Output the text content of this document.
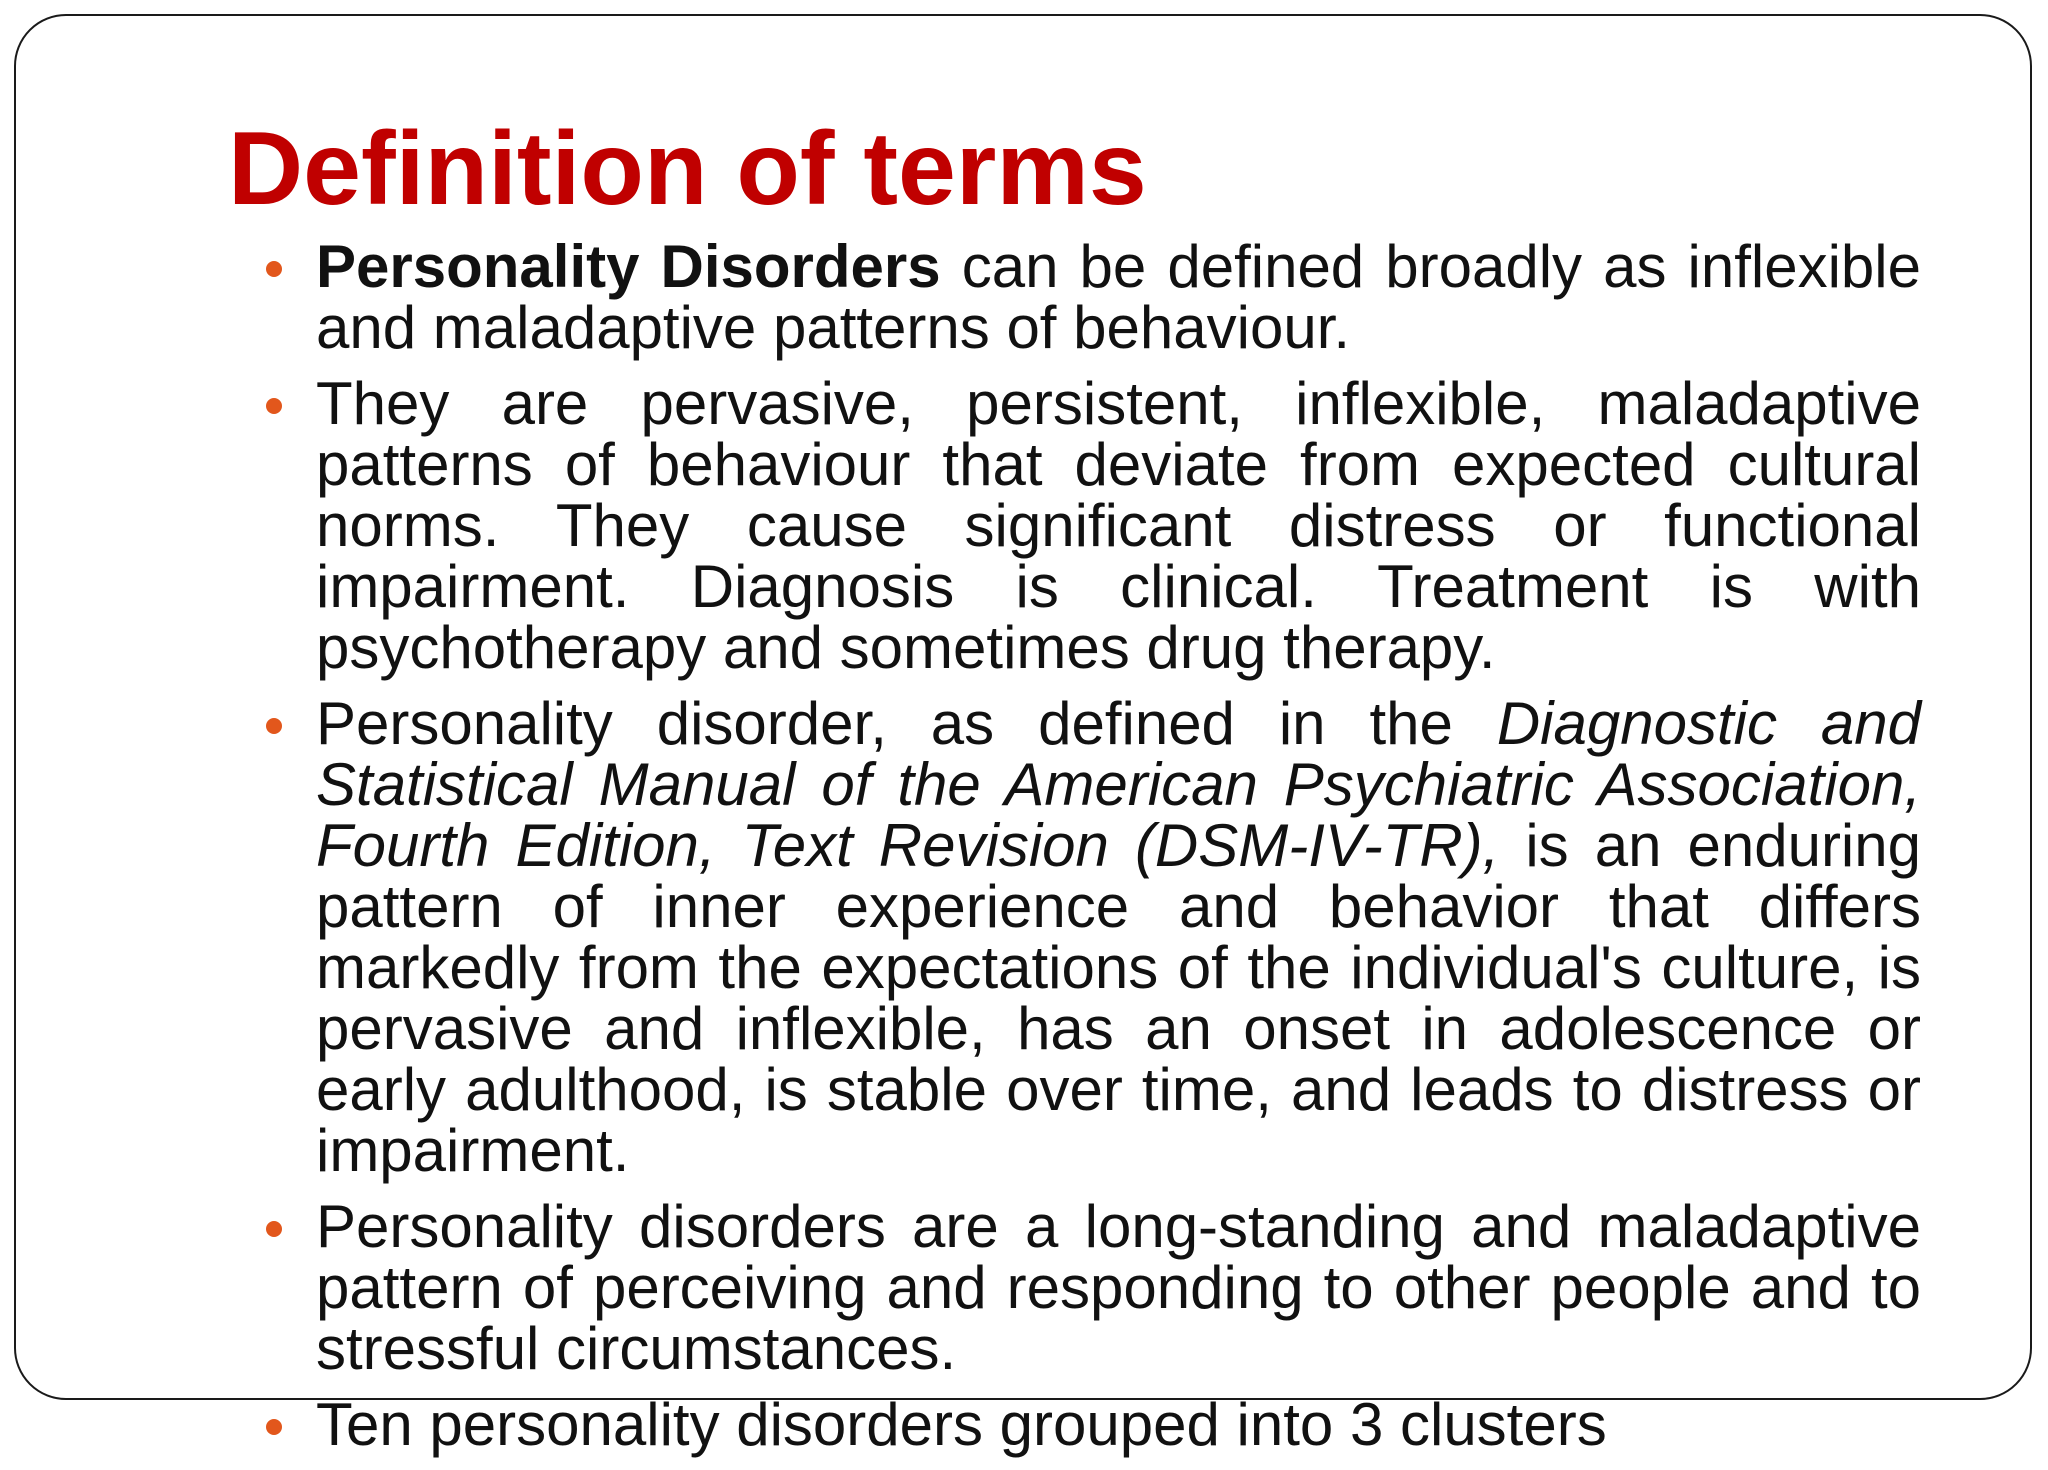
Definition of terms
Personality Disorders can be defined broadly as inflexible and maladaptive patterns of behaviour.
They are pervasive, persistent, inflexible, maladaptive patterns of behaviour that deviate from expected cultural norms. They cause significant distress or functional impairment. Diagnosis is clinical. Treatment is with psychotherapy and sometimes drug therapy.
Personality disorder, as defined in the Diagnostic and Statistical Manual of the American Psychiatric Association, Fourth Edition, Text Revision (DSM-IV-TR), is an enduring pattern of inner experience and behavior that differs markedly from the expectations of the individual's culture, is pervasive and inflexible, has an onset in adolescence or early adulthood, is stable over time, and leads to distress or impairment.
Personality disorders are a long-standing and maladaptive pattern of perceiving and responding to other people and to stressful circumstances.
Ten personality disorders grouped into 3 clusters
